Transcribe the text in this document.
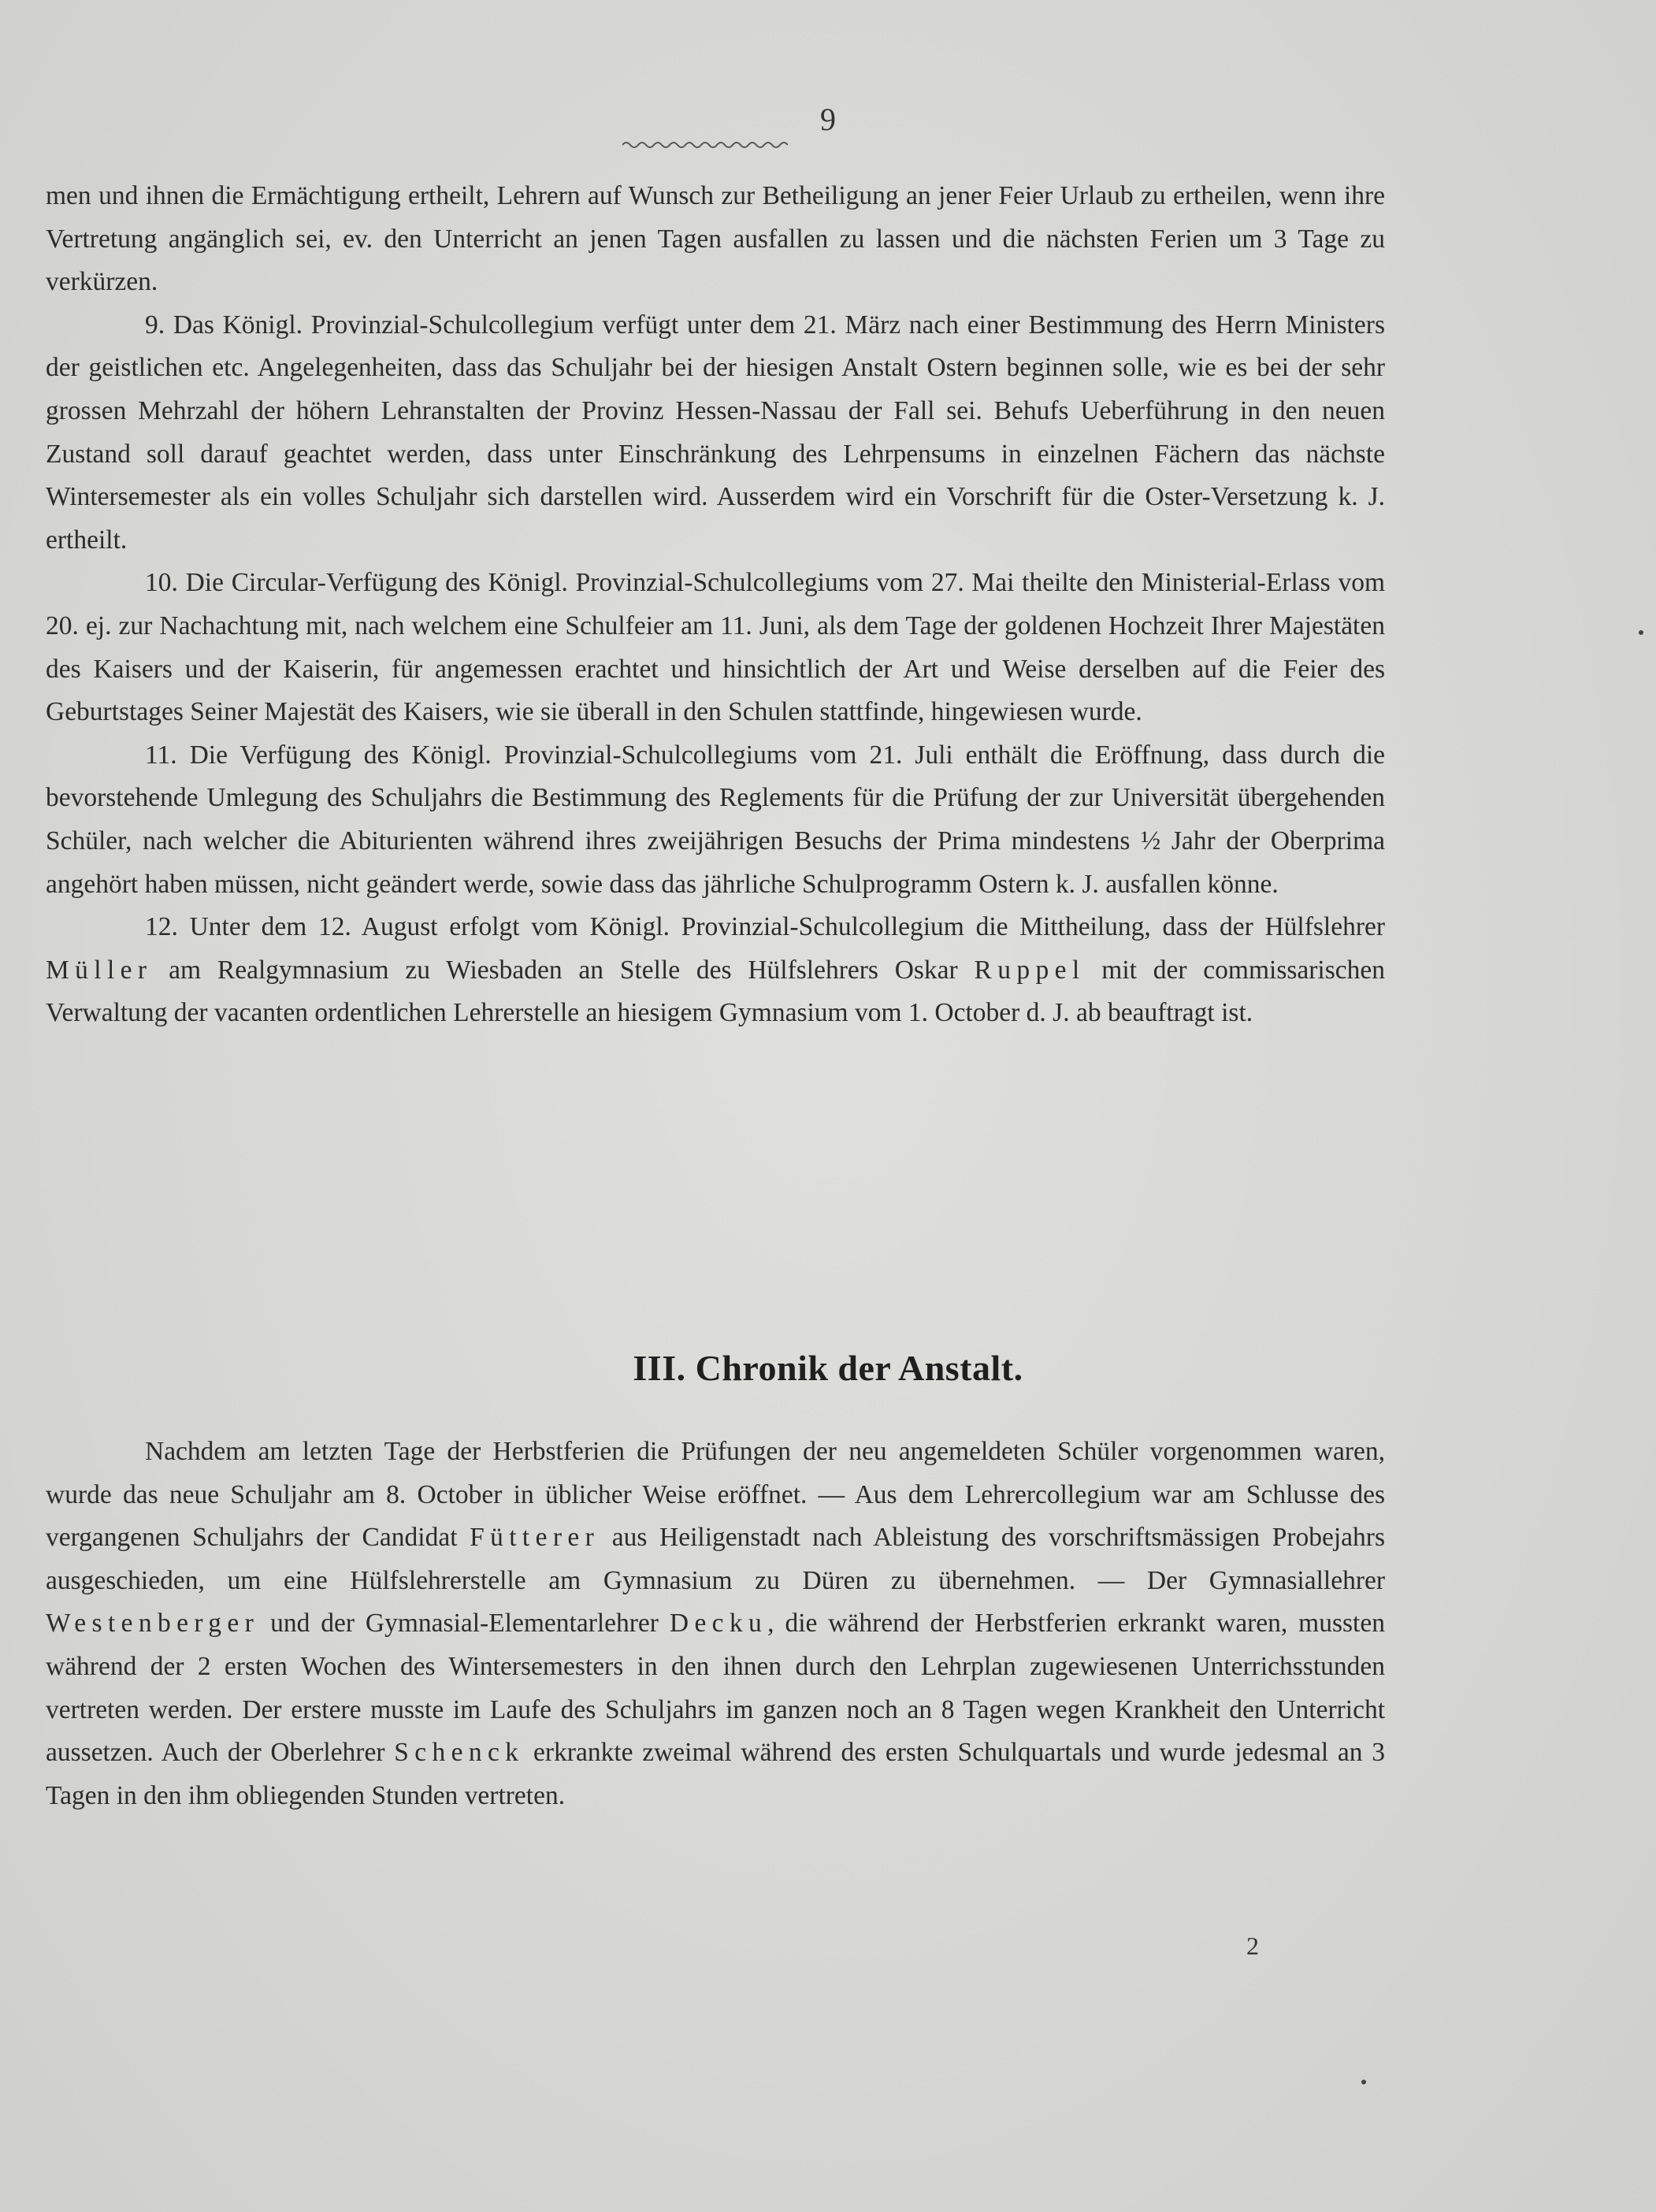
9

men und ihnen die Ermächtigung ertheilt, Lehrern auf Wunsch zur Betheiligung an jener Feier Urlaub zu ertheilen, wenn ihre Vertretung angänglich sei, ev. den Unterricht an jenen Tagen ausfallen zu lassen und die nächsten Ferien um 3 Tage zu verkürzen.

9. Das Königl. Provinzial-Schulcollegium verfügt unter dem 21. März nach einer Bestimmung des Herrn Ministers der geistlichen etc. Angelegenheiten, dass das Schuljahr bei der hiesigen Anstalt Ostern beginnen solle, wie es bei der sehr grossen Mehrzahl der höhern Lehranstalten der Provinz Hessen-Nassau der Fall sei. Behufs Ueberführung in den neuen Zustand soll darauf geachtet werden, dass unter Einschränkung des Lehrpensums in einzelnen Fächern das nächste Wintersemester als ein volles Schuljahr sich darstellen wird. Ausserdem wird ein Vorschrift für die Oster-Versetzung k. J. ertheilt.

10. Die Circular-Verfügung des Königl. Provinzial-Schulcollegiums vom 27. Mai theilte den Ministerial-Erlass vom 20. ej. zur Nachachtung mit, nach welchem eine Schulfeier am 11. Juni, als dem Tage der goldenen Hochzeit Ihrer Majestäten des Kaisers und der Kaiserin, für angemessen erachtet und hinsichtlich der Art und Weise derselben auf die Feier des Geburtstages Seiner Majestät des Kaisers, wie sie überall in den Schulen stattfinde, hingewiesen wurde.

11. Die Verfügung des Königl. Provinzial-Schulcollegiums vom 21. Juli enthält die Eröffnung, dass durch die bevorstehende Umlegung des Schuljahrs die Bestimmung des Reglements für die Prüfung der zur Universität übergehenden Schüler, nach welcher die Abiturienten während ihres zweijährigen Besuchs der Prima mindestens ½ Jahr der Oberprima angehört haben müssen, nicht geändert werde, sowie dass das jährliche Schulprogramm Ostern k. J. ausfallen könne.

12. Unter dem 12. August erfolgt vom Königl. Provinzial-Schulcollegium die Mittheilung, dass der Hülfslehrer Müller am Realgymnasium zu Wiesbaden an Stelle des Hülfslehrers Oskar Ruppel mit der commissarischen Verwaltung der vacanten ordentlichen Lehrerstelle an hiesigem Gymnasium vom 1. October d. J. ab beauftragt ist.

III. Chronik der Anstalt.

Nachdem am letzten Tage der Herbstferien die Prüfungen der neu angemeldeten Schüler vorgenommen waren, wurde das neue Schuljahr am 8. October in üblicher Weise eröffnet. — Aus dem Lehrercollegium war am Schlusse des vergangenen Schuljahrs der Candidat Fütterer aus Heiligenstadt nach Ableistung des vorschriftsmässigen Probejahrs ausgeschieden, um eine Hülfslehrerstelle am Gymnasium zu Düren zu übernehmen. — Der Gymnasiallehrer Westenberger und der Gymnasial-Elementarlehrer Decku, die während der Herbstferien erkrankt waren, mussten während der 2 ersten Wochen des Wintersemesters in den ihnen durch den Lehrplan zugewiesenen Unterrichsstunden vertreten werden. Der erstere musste im Laufe des Schuljahrs im ganzen noch an 8 Tagen wegen Krankheit den Unterricht aussetzen. Auch der Oberlehrer Schenck erkrankte zweimal während des ersten Schulquartals und wurde jedesmal an 3 Tagen in den ihm obliegenden Stunden vertreten.

2
